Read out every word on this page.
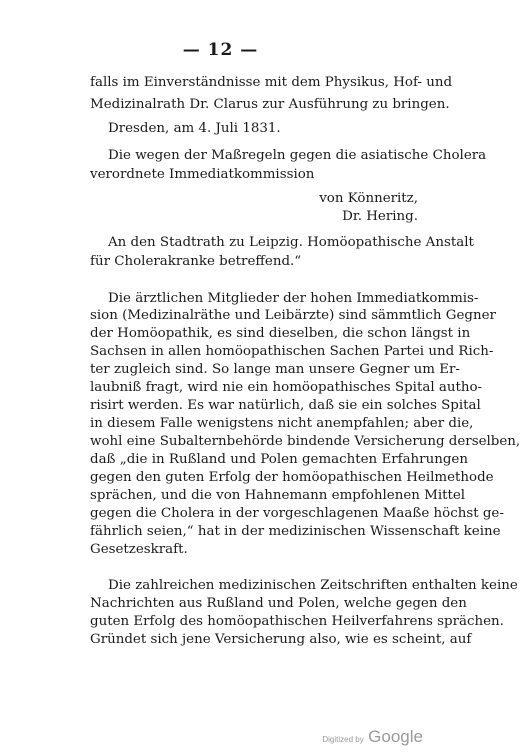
— 12 —
falls im Einverständnisse mit dem Physikus, Hof- und
Medizinalrath Dr. Clarus zur Ausführung zu bringen.
Dresden, am 4. Juli 1831.
Die wegen der Maßregeln gegen die asiatische Cholera
verordnete Immediatkommission
von Könneritz,
Dr. Hering.
An den Stadtrath zu Leipzig. Homöopathische Anstalt
für Cholerakranke betreffend.“
Die ärztlichen Mitglieder der hohen Immediatkommis-
sion (Medizinalräthe und Leibärzte) sind sämmtlich Gegner
der Homöopathik, es sind dieselben, die schon längst in
Sachsen in allen homöopathischen Sachen Partei und Rich-
ter zugleich sind. So lange man unsere Gegner um Er-
laubniß fragt, wird nie ein homöopathisches Spital autho-
risirt werden. Es war natürlich, daß sie ein solches Spital
in diesem Falle wenigstens nicht anempfahlen; aber die,
wohl eine Subalternbehörde bindende Versicherung derselben,
daß „die in Rußland und Polen gemachten Erfahrungen
gegen den guten Erfolg der homöopathischen Heilmethode
sprächen, und die von Hahnemann empfohlenen Mittel
gegen die Cholera in der vorgeschlagenen Maaße höchst ge-
fährlich seien,“ hat in der medizinischen Wissenschaft keine
Gesetzeskraft.
Die zahlreichen medizinischen Zeitschriften enthalten keine
Nachrichten aus Rußland und Polen, welche gegen den
guten Erfolg des homöopathischen Heilverfahrens sprächen.
Gründet sich jene Versicherung also, wie es scheint, auf
Digitized by Google
